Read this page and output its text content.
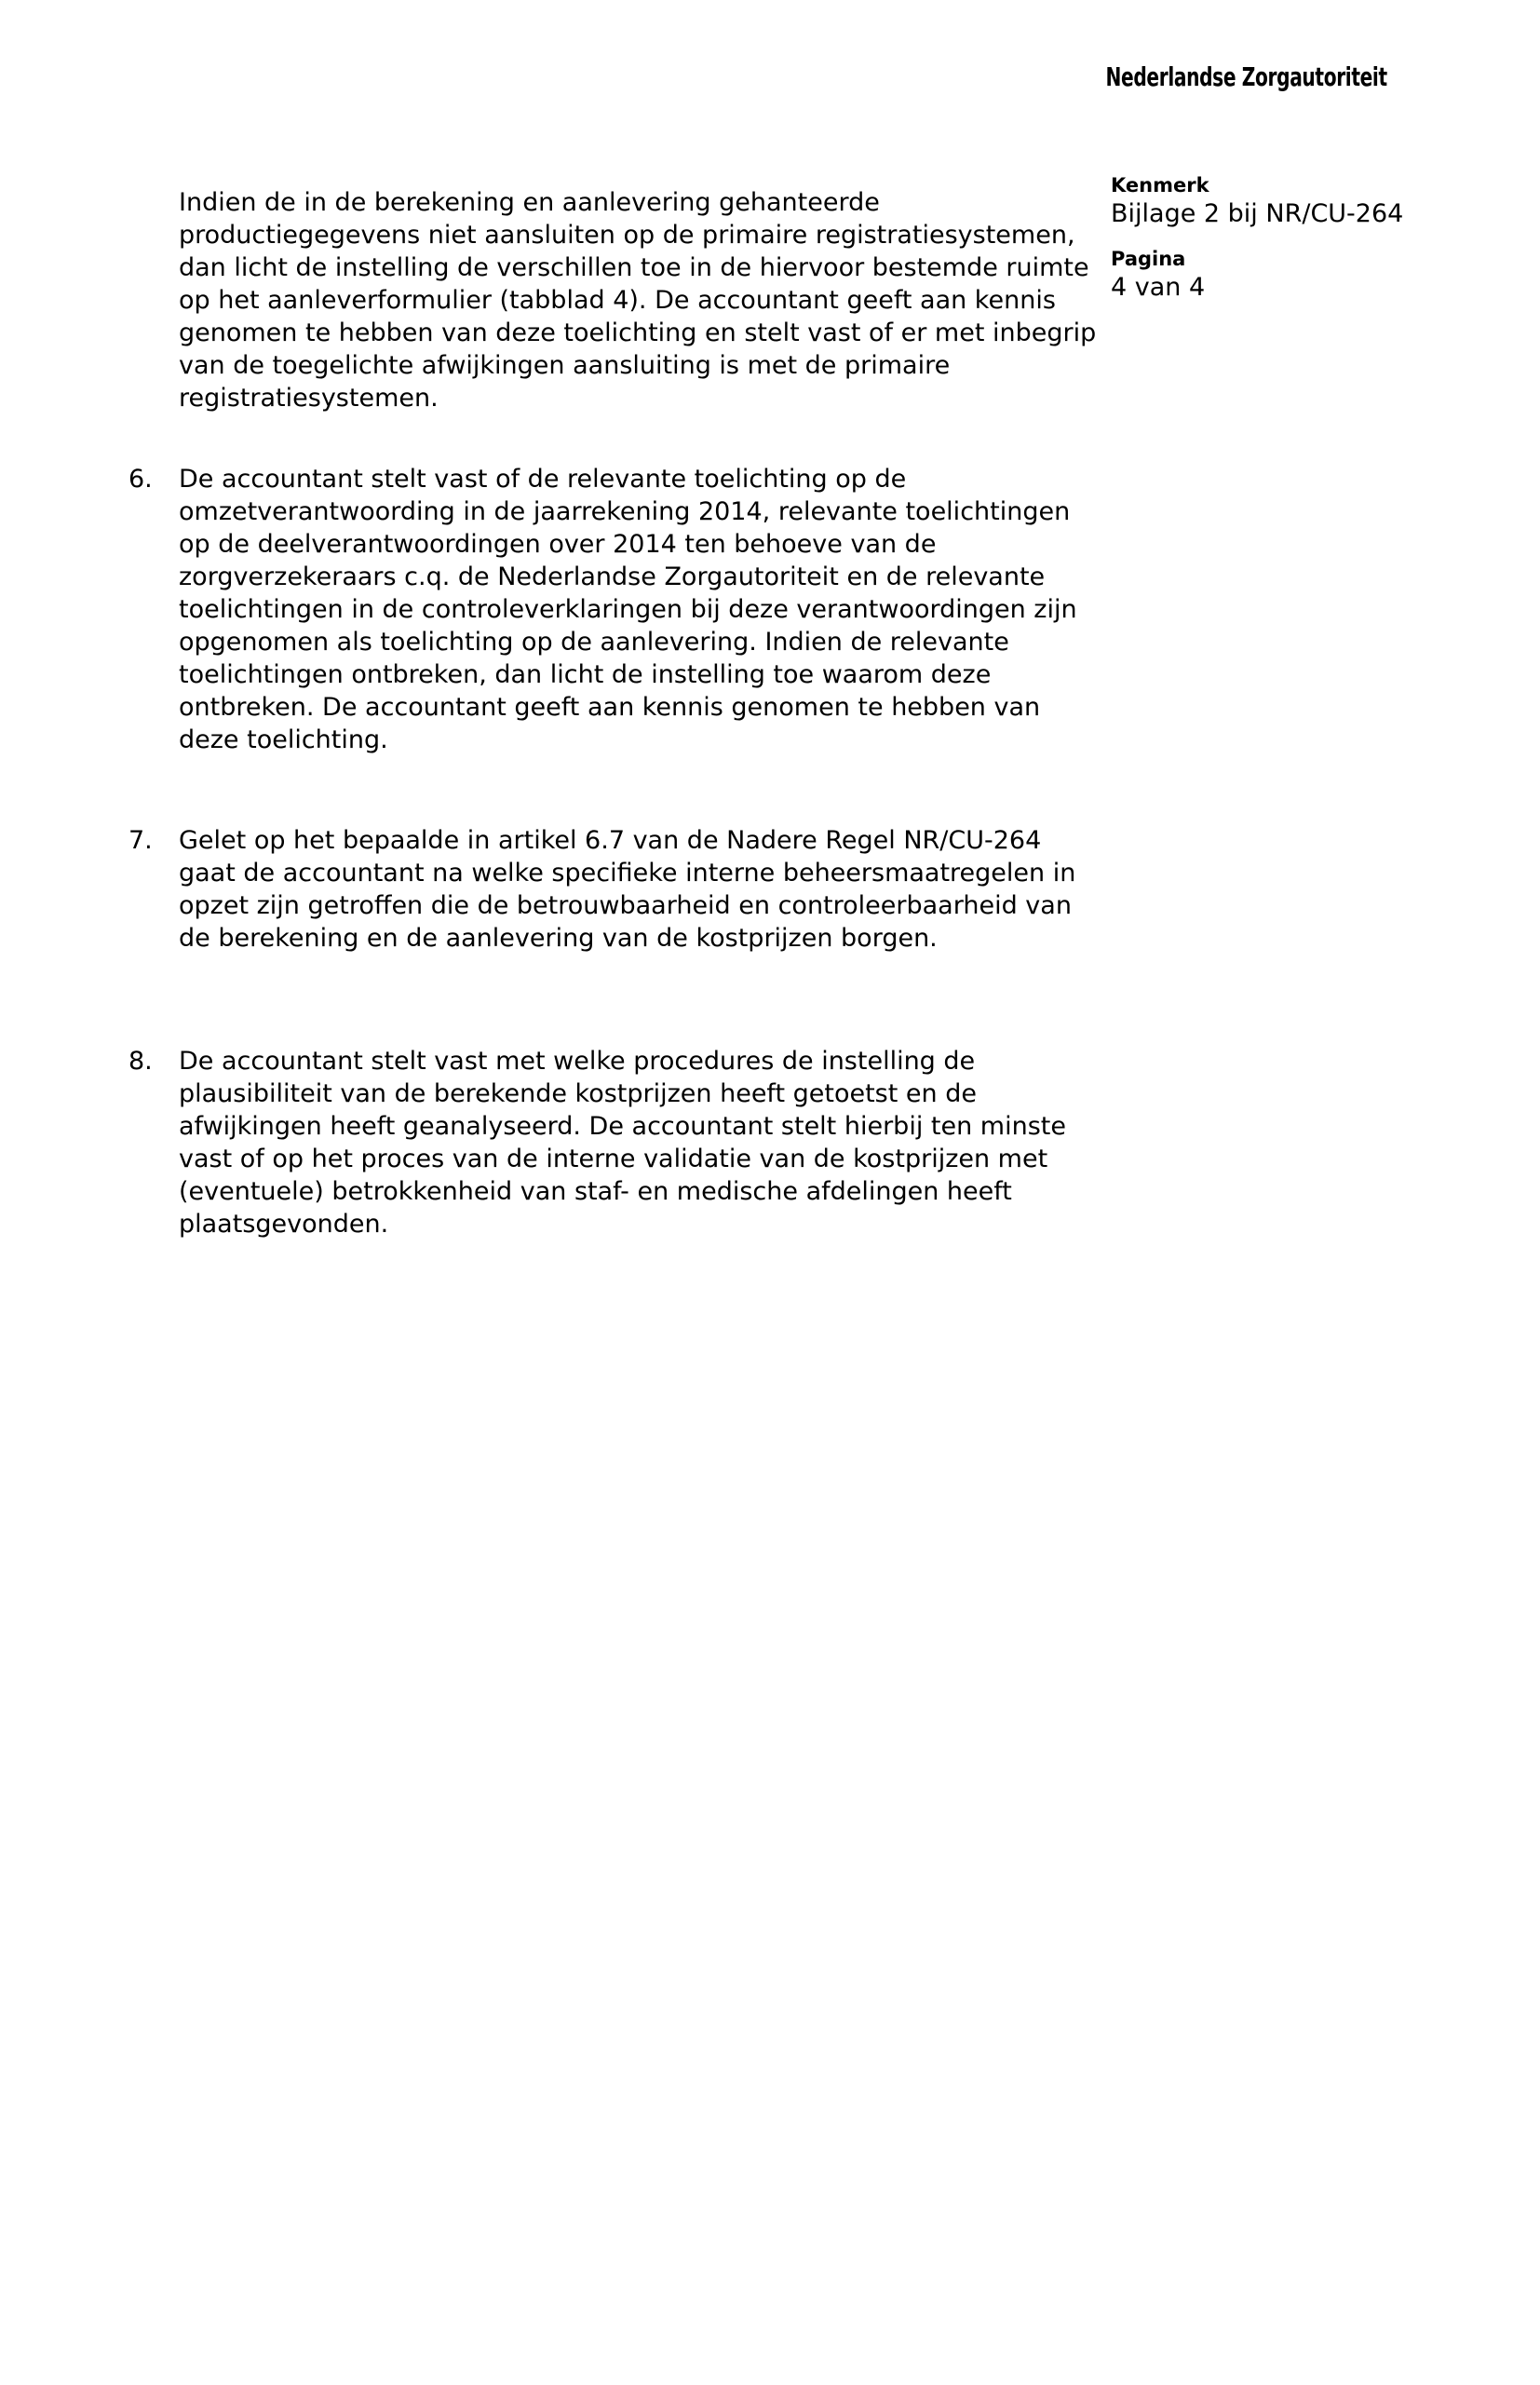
Nederlandse Zorgautoriteit
Kenmerk
Bijlage 2 bij NR/CU-264
Pagina
4 van 4
Indien de in de berekening en aanlevering gehanteerde productiegegevens niet aansluiten op de primaire registratiesystemen, dan licht de instelling de verschillen toe in de hiervoor bestemde ruimte op het aanleverformulier (tabblad 4). De accountant geeft aan kennis genomen te hebben van deze toelichting en stelt vast of er met inbegrip van de toegelichte afwijkingen aansluiting is met de primaire registratiesystemen.
6.	De accountant stelt vast of de relevante toelichting op de omzetverantwoording in de jaarrekening 2014, relevante toelichtingen op de deelverantwoordingen over 2014 ten behoeve van de zorgverzekeraars c.q. de Nederlandse Zorgautoriteit en de relevante toelichtingen in de controleverklaringen bij deze verantwoordingen zijn opgenomen als toelichting op de aanlevering. Indien de relevante toelichtingen ontbreken, dan licht de instelling toe waarom deze ontbreken. De accountant geeft aan kennis genomen te hebben van deze toelichting.
7.	Gelet op het bepaalde in artikel 6.7 van de Nadere Regel NR/CU-264 gaat de accountant na welke specifieke interne beheersmaatregelen in opzet zijn getroffen die de betrouwbaarheid en controleerbaarheid van de berekening en de aanlevering van de kostprijzen borgen.
8.	De accountant stelt vast met welke procedures de instelling de plausibiliteit van de berekende kostprijzen heeft getoetst en de afwijkingen heeft geanalyseerd. De accountant stelt hierbij ten minste vast of op het proces van de interne validatie van de kostprijzen met (eventuele) betrokkenheid van staf- en medische afdelingen heeft plaatsgevonden.
